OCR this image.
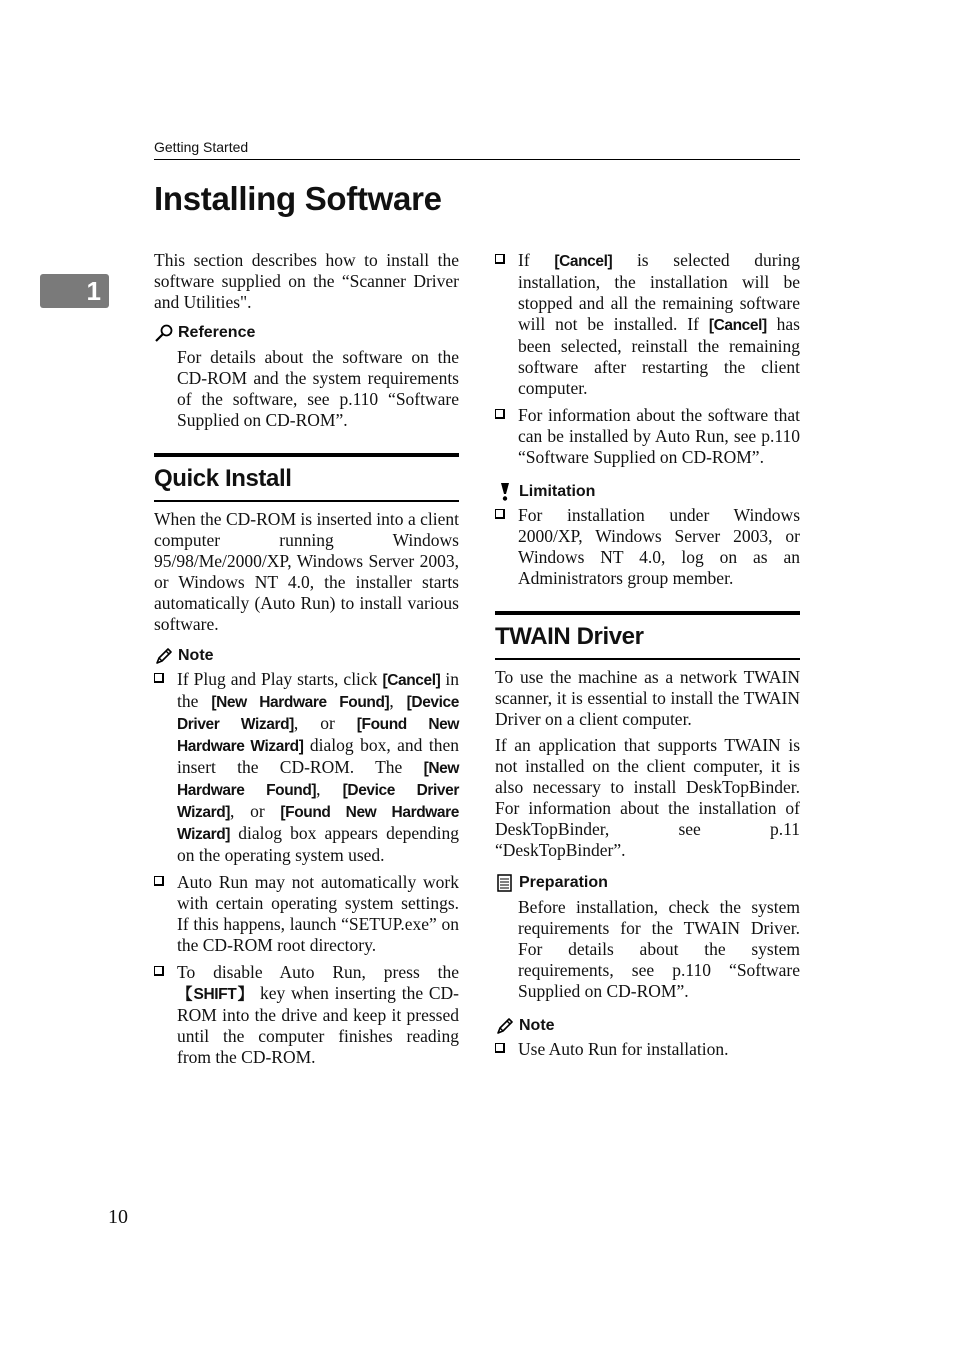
Getting Started
Installing Software
1

This section describes how to install the software supplied on the “Scanner Driver and Utilities".

Reference

For details about the software on the CD-ROM and the system requirements of the software, see p.110 “Software Supplied on CD-ROM”.

Quick Install

When the CD-ROM is inserted into a client computer running Windows 95/98/Me/2000/XP, Windows Server 2003, or Windows NT 4.0, the installer starts automatically (Auto Run) to install various software.

Note

If Plug and Play starts, click [Cancel] in the [New Hardware Found], [Device Driver Wizard], or [Found New Hardware Wizard] dialog box, and then insert the CD-ROM. The [New Hardware Found], [Device Driver Wizard], or [Found New Hardware Wizard] dialog box appears depending on the operating system used.
Auto Run may not automatically work with certain operating system settings. If this happens, launch “SETUP.exe” on the CD-ROM root directory.
To disable Auto Run, press the 【SHIFT】 key when inserting the CD-ROM into the drive and keep it pressed until the computer finishes reading from the CD-ROM.
If [Cancel] is selected during installation, the installation will be stopped and all the remaining software will not be installed. If [Cancel] has been selected, reinstall the remaining software after restarting the client computer.
For information about the software that can be installed by Auto Run, see p.110 “Software Supplied on CD-ROM”.

Limitation

For installation under Windows 2000/XP, Windows Server 2003, or Windows NT 4.0, log on as an Administrators group member.
TWAIN Driver

To use the machine as a network TWAIN scanner, it is essential to install the TWAIN Driver on a client computer.

If an application that supports TWAIN is not installed on the client computer, it is also necessary to install DeskTopBinder. For information about the installation of DeskTopBinder, see p.11 “DeskTopBinder”.

Preparation

Before installation, check the system requirements for the TWAIN Driver. For details about the system requirements, see p.110 “Software Supplied on CD-ROM”.

Note

Use Auto Run for installation.
10
